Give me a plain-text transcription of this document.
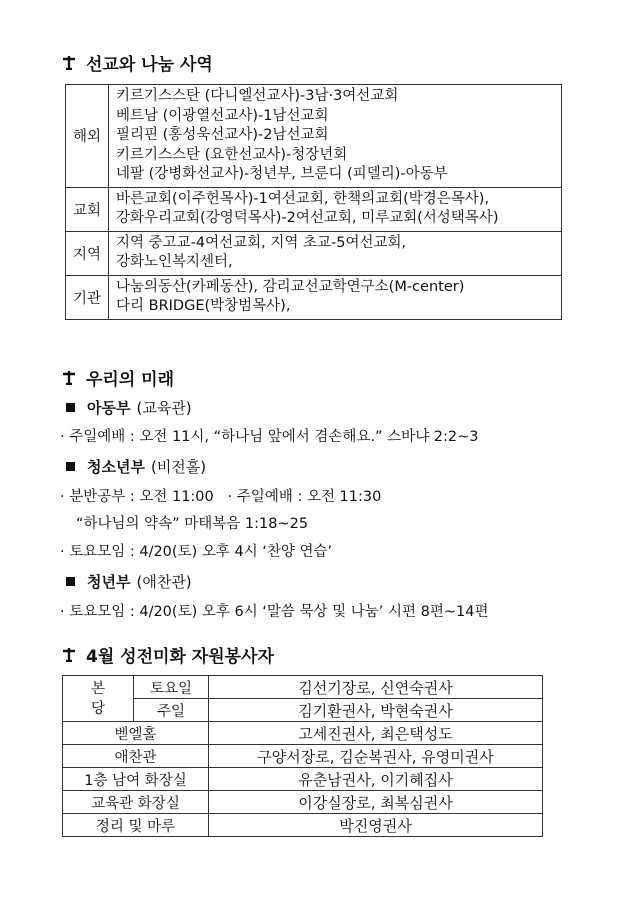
선교와 나눔 사역
해외	키르기스스탄 (다니엘선교사)-3남·3여선교회
베트남 (이광열선교사)-1남선교회
필리핀 (홍성욱선교사)-2남선교회
키르기스스탄 (요한선교사)-청장년회
네팔 (강병화선교사)-청년부, 브룬디 (피델리)-아동부

교회	바른교회(이주헌목사)-1여선교회, 한책의교회(박경은목사),
강화우리교회(강영덕목사)-2여선교회, 미루교회(서성택목사)

지역	지역 중고교-4여선교회, 지역 초교-5여선교회,
강화노인복지센터,

기관	나눔의동산(카페동산), 감리교선교학연구소(M-center)
다리 BRIDGE(박창범목사),
우리의 미래
아동부 (교육관)
· 주일예배 : 오전 11시, “하나님 앞에서 겸손해요.” 스바냐 2:2~3
청소년부 (비전홀)
· 분반공부 : 오전 11:00   · 주일예배 : 오전 11:30
“하나님의 약속” 마태복음 1:18~25
· 토요모임 : 4/20(토) 오후 4시 ‘찬양 연습’
청년부 (애찬관)
· 토요모임 : 4/20(토) 오후 6시 ‘말씀 묵상 및 나눔’ 시편 8편~14편
4월 성전미화 자원봉사자
본 당	토요일	김선기장로, 신연숙권사
	주일	김기환권사, 박현숙권사
벧엘홀		고세진권사, 최은택성도
애찬관		구양서장로, 김순복권사, 유영미권사
1층 남여 화장실		유춘남권사, 이기혜집사
교육관 화장실		이강실장로, 최복심권사
정리 및 마루		박진영권사
